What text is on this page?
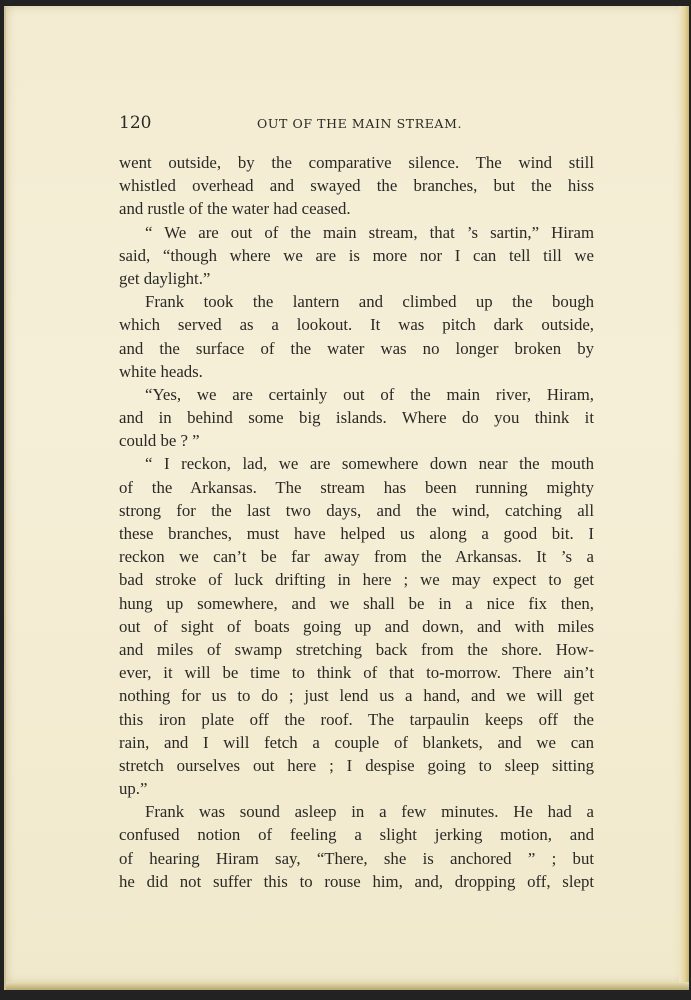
120	OUT OF THE MAIN STREAM.
went outside, by the comparative silence. The wind still
whistled overhead and swayed the branches, but the hiss
and rustle of the water had ceased.
“ We are out of the main stream, that ’s sartin,” Hiram
said, “though where we are is more nor I can tell till we
get daylight.”
Frank took the lantern and climbed up the bough
which served as a lookout. It was pitch dark outside,
and the surface of the water was no longer broken by
white heads.
“Yes, we are certainly out of the main river, Hiram,
and in behind some big islands. Where do you think it
could be ? ”
“ I reckon, lad, we are somewhere down near the mouth
of the Arkansas. The stream has been running mighty
strong for the last two days, and the wind, catching all
these branches, must have helped us along a good bit. I
reckon we can’t be far away from the Arkansas. It ’s a
bad stroke of luck drifting in here ; we may expect to get
hung up somewhere, and we shall be in a nice fix then,
out of sight of boats going up and down, and with miles
and miles of swamp stretching back from the shore. How-
ever, it will be time to think of that to-morrow. There ain’t
nothing for us to do ; just lend us a hand, and we will get
this iron plate off the roof. The tarpaulin keeps off the
rain, and I will fetch a couple of blankets, and we can
stretch ourselves out here ; I despise going to sleep sitting
up.”
Frank was sound asleep in a few minutes. He had a
confused notion of feeling a slight jerking motion, and
of hearing Hiram say, “There, she is anchored ” ; but
he did not suffer this to rouse him, and, dropping off, slept
